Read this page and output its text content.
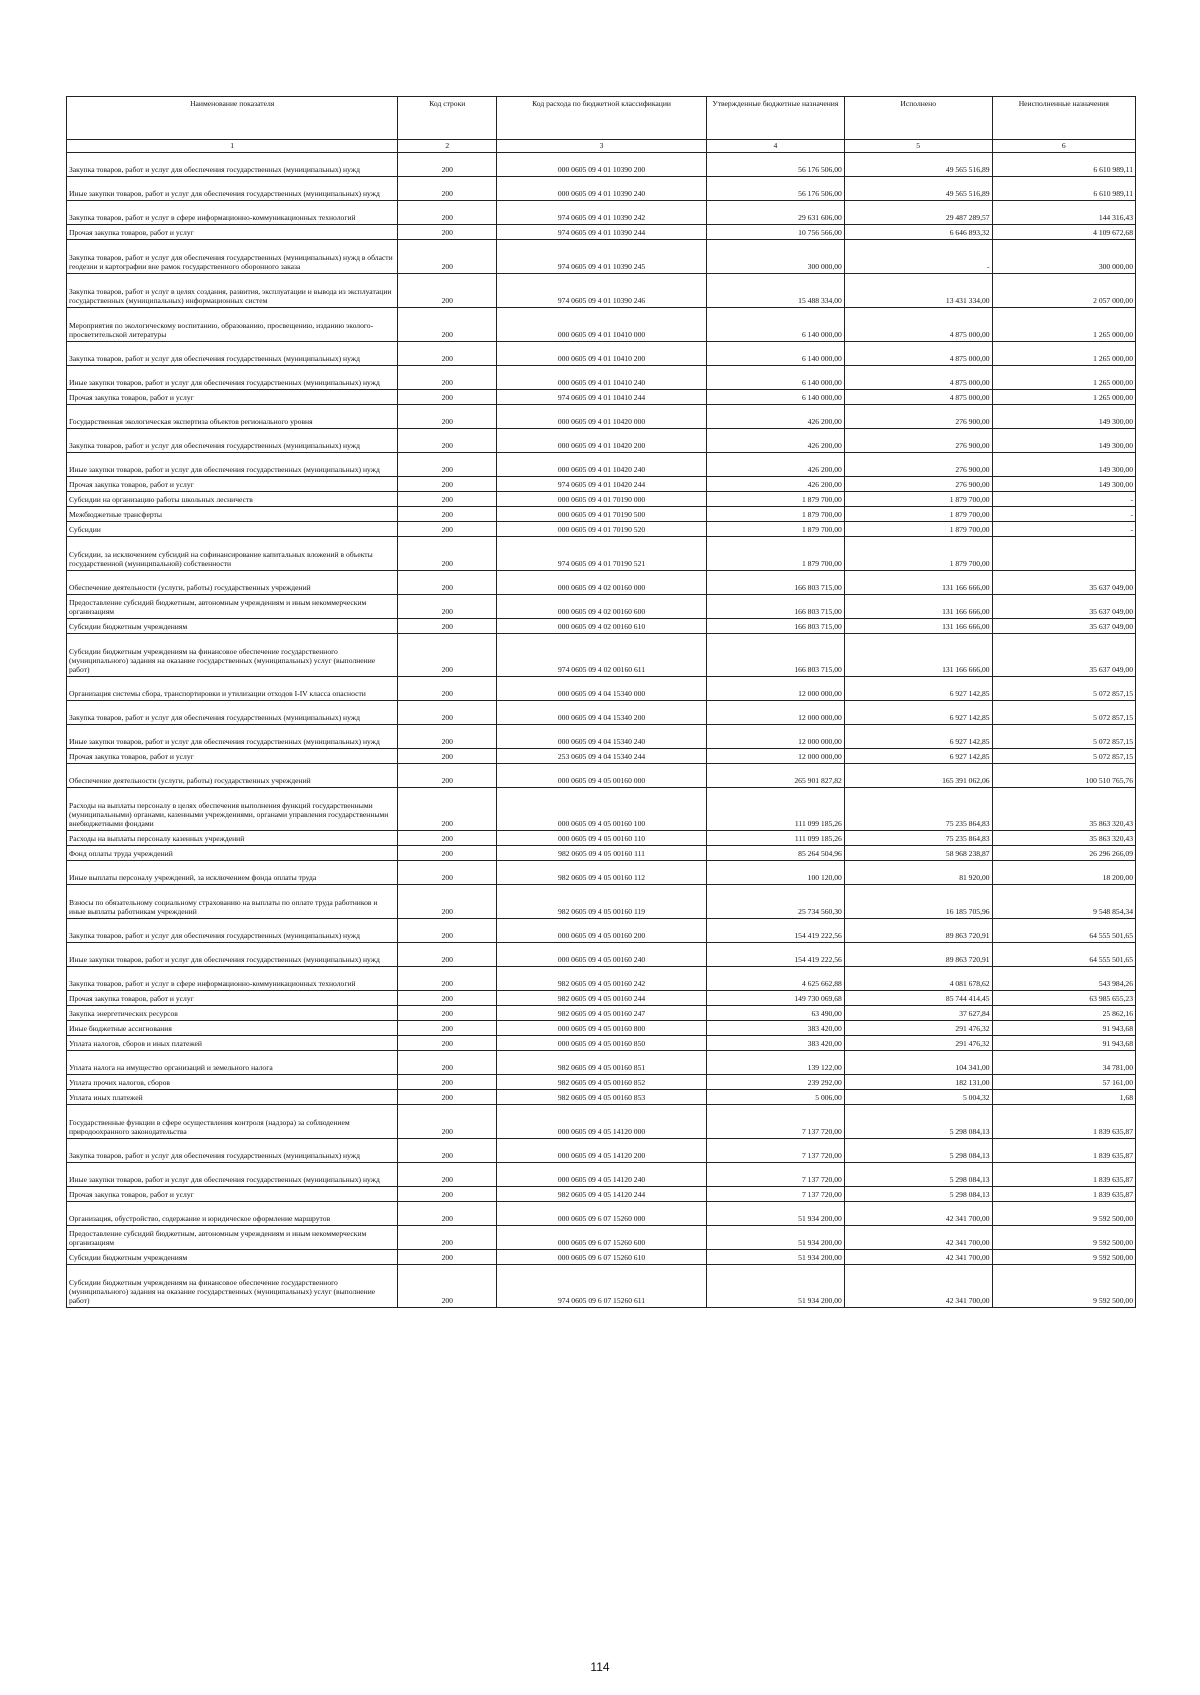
Наименование показателя	Код строки	Код расхода по бюджетной классификации	Утвержденные бюджетные назначения	Исполнено	Неисполненные назначения
1	2	3	4	5	6
Закупка товаров, работ и услуг для обеспечения государственных (муниципальных) нужд	200	000 0605 09 4 01 10390 200	56 176 506,00	49 565 516,89	6 610 989,11
Иные закупки товаров, работ и услуг для обеспечения государственных (муниципальных) нужд	200	000 0605 09 4 01 10390 240	56 176 506,00	49 565 516,89	6 610 989,11
Закупка товаров, работ и услуг в сфере информационно-коммуникационных технологий	200	974 0605 09 4 01 10390 242	29 631 606,00	29 487 289,57	144 316,43
Прочая закупка товаров, работ и услуг	200	974 0605 09 4 01 10390 244	10 756 566,00	6 646 893,32	4 109 672,68
Закупка товаров, работ и услуг для обеспечения государственных (муниципальных) нужд в области геодезии и картографии вне рамок государственного оборонного заказа	200	974 0605 09 4 01 10390 245	300 000,00	-	300 000,00
Закупка товаров, работ и услуг в целях создания, развития, эксплуатации и вывода из эксплуатации государственных (муниципальных) информационных систем	200	974 0605 09 4 01 10390 246	15 488 334,00	13 431 334,00	2 057 000,00
Мероприятия по экологическому воспитанию, образованию, просвещению, изданию эколого-просветительской литературы	200	000 0605 09 4 01 10410 000	6 140 000,00	4 875 000,00	1 265 000,00
Закупка товаров, работ и услуг для обеспечения государственных (муниципальных) нужд	200	000 0605 09 4 01 10410 200	6 140 000,00	4 875 000,00	1 265 000,00
Иные закупки товаров, работ и услуг для обеспечения государственных (муниципальных) нужд	200	000 0605 09 4 01 10410 240	6 140 000,00	4 875 000,00	1 265 000,00
Прочая закупка товаров, работ и услуг	200	974 0605 09 4 01 10410 244	6 140 000,00	4 875 000,00	1 265 000,00
Государственная экологическая экспертиза объектов регионального уровня	200	000 0605 09 4 01 10420 000	426 200,00	276 900,00	149 300,00
Закупка товаров, работ и услуг для обеспечения государственных (муниципальных) нужд	200	000 0605 09 4 01 10420 200	426 200,00	276 900,00	149 300,00
Иные закупки товаров, работ и услуг для обеспечения государственных (муниципальных) нужд	200	000 0605 09 4 01 10420 240	426 200,00	276 900,00	149 300,00
Прочая закупка товаров, работ и услуг	200	974 0605 09 4 01 10420 244	426 200,00	276 900,00	149 300,00
Субсидии на организацию работы школьных лесничеств	200	000 0605 09 4 01 70190 000	1 879 700,00	1 879 700,00	-
Межбюджетные трансферты	200	000 0605 09 4 01 70190 500	1 879 700,00	1 879 700,00	-
Субсидии	200	000 0605 09 4 01 70190 520	1 879 700,00	1 879 700,00	-
Субсидии, за исключением субсидий на софинансирование капитальных вложений в объекты государственной (муниципальной) собственности	200	974 0605 09 4 01 70190 521	1 879 700,00	1 879 700,00	
Обеспечение деятельности (услуги, работы) государственных учреждений	200	000 0605 09 4 02 00160 000	166 803 715,00	131 166 666,00	35 637 049,00
Предоставление субсидий бюджетным, автономным учреждениям и иным некоммерческим организациям	200	000 0605 09 4 02 00160 600	166 803 715,00	131 166 666,00	35 637 049,00
Субсидии бюджетным учреждениям	200	000 0605 09 4 02 00160 610	166 803 715,00	131 166 666,00	35 637 049,00
Субсидии бюджетным учреждениям на финансовое обеспечение государственного (муниципального) задания на оказание государственных (муниципальных) услуг (выполнение работ)	200	974 0605 09 4 02 00160 611	166 803 715,00	131 166 666,00	35 637 049,00
Организация системы сбора, транспортировки и утилизации отходов I-IV класса опасности	200	000 0605 09 4 04 15340 000	12 000 000,00	6 927 142,85	5 072 857,15
Закупка товаров, работ и услуг для обеспечения государственных (муниципальных) нужд	200	000 0605 09 4 04 15340 200	12 000 000,00	6 927 142,85	5 072 857,15
Иные закупки товаров, работ и услуг для обеспечения государственных (муниципальных) нужд	200	000 0605 09 4 04 15340 240	12 000 000,00	6 927 142,85	5 072 857,15
Прочая закупка товаров, работ и услуг	200	253 0605 09 4 04 15340 244	12 000 000,00	6 927 142,85	5 072 857,15
Обеспечение деятельности (услуги, работы) государственных учреждений	200	000 0605 09 4 05 00160 000	265 901 827,82	165 391 062,06	100 510 765,76
Расходы на выплаты персоналу в целях обеспечения выполнения функций государственными (муниципальными) органами, казенными учреждениями, органами управления государственными внебюджетными фондами	200	000 0605 09 4 05 00160 100	111 099 185,26	75 235 864,83	35 863 320,43
Расходы на выплаты персоналу казенных учреждений	200	000 0605 09 4 05 00160 110	111 099 185,26	75 235 864,83	35 863 320,43
Фонд оплаты труда учреждений	200	982 0605 09 4 05 00160 111	85 264 504,96	58 968 238,87	26 296 266,09
Иные выплаты персоналу учреждений, за исключением фонда оплаты труда	200	982 0605 09 4 05 00160 112	100 120,00	81 920,00	18 200,00
Взносы по обязательному социальному страхованию на выплаты по оплате труда работников и иные выплаты работникам учреждений	200	982 0605 09 4 05 00160 119	25 734 560,30	16 185 705,96	9 548 854,34
Закупка товаров, работ и услуг для обеспечения государственных (муниципальных) нужд	200	000 0605 09 4 05 00160 200	154 419 222,56	89 863 720,91	64 555 501,65
Иные закупки товаров, работ и услуг для обеспечения государственных (муниципальных) нужд	200	000 0605 09 4 05 00160 240	154 419 222,56	89 863 720,91	64 555 501,65
Закупка товаров, работ и услуг в сфере информационно-коммуникационных технологий	200	982 0605 09 4 05 00160 242	4 625 662,88	4 081 678,62	543 984,26
Прочая закупка товаров, работ и услуг	200	982 0605 09 4 05 00160 244	149 730 069,68	85 744 414,45	63 985 655,23
Закупка энергетических ресурсов	200	982 0605 09 4 05 00160 247	63 490,00	37 627,84	25 862,16
Иные бюджетные ассигнования	200	000 0605 09 4 05 00160 800	383 420,00	291 476,32	91 943,68
Уплата налогов, сборов и иных платежей	200	000 0605 09 4 05 00160 850	383 420,00	291 476,32	91 943,68
Уплата налога на имущество организаций и земельного налога	200	982 0605 09 4 05 00160 851	139 122,00	104 341,00	34 781,00
Уплата прочих налогов, сборов	200	982 0605 09 4 05 00160 852	239 292,00	182 131,00	57 161,00
Уплата иных платежей	200	982 0605 09 4 05 00160 853	5 006,00	5 004,32	1,68
Государственные функции в сфере осуществления контроля (надзора) за соблюдением природоохранного законодательства	200	000 0605 09 4 05 14120 000	7 137 720,00	5 298 084,13	1 839 635,87
Закупка товаров, работ и услуг для обеспечения государственных (муниципальных) нужд	200	000 0605 09 4 05 14120 200	7 137 720,00	5 298 084,13	1 839 635,87
Иные закупки товаров, работ и услуг для обеспечения государственных (муниципальных) нужд	200	000 0605 09 4 05 14120 240	7 137 720,00	5 298 084,13	1 839 635,87
Прочая закупка товаров, работ и услуг	200	982 0605 09 4 05 14120 244	7 137 720,00	5 298 084,13	1 839 635,87
Организация, обустройство, содержание и юридическое оформление маршрутов	200	000 0605 09 6 07 15260 000	51 934 200,00	42 341 700,00	9 592 500,00
Предоставление субсидий бюджетным, автономным учреждениям и иным некоммерческим организациям	200	000 0605 09 6 07 15260 600	51 934 200,00	42 341 700,00	9 592 500,00
Субсидии бюджетным учреждениям	200	000 0605 09 6 07 15260 610	51 934 200,00	42 341 700,00	9 592 500,00
Субсидии бюджетным учреждениям на финансовое обеспечение государственного (муниципального) задания на оказание государственных (муниципальных) услуг (выполнение работ)	200	974 0605 09 6 07 15260 611	51 934 200,00	42 341 700,00	9 592 500,00
114
